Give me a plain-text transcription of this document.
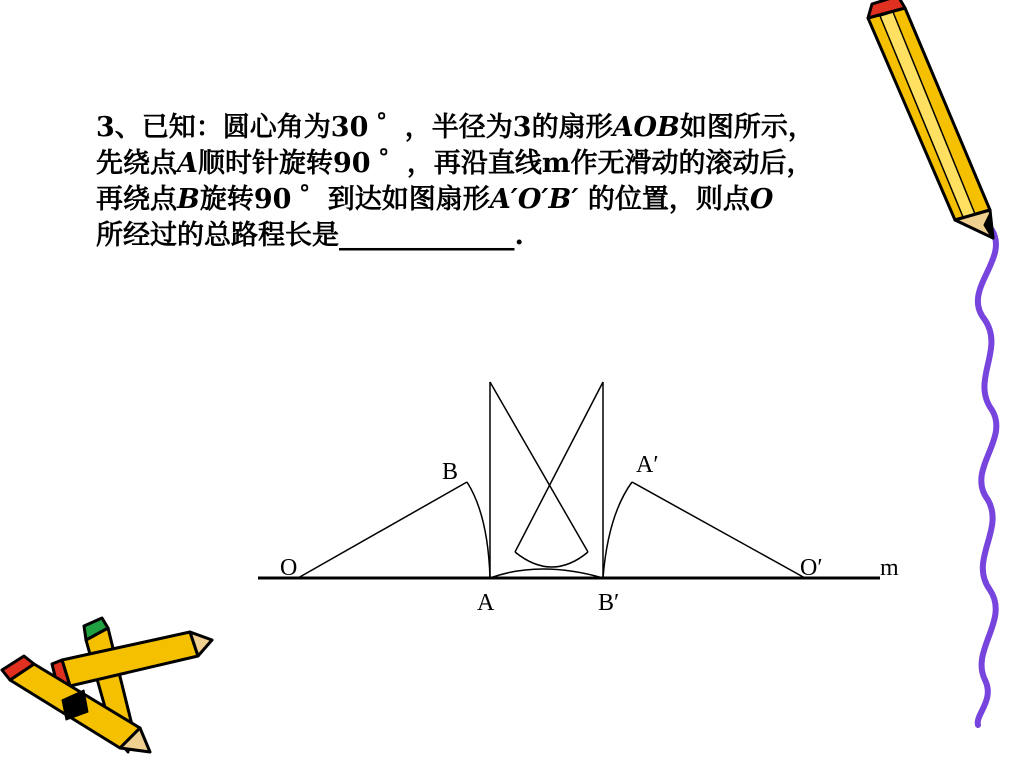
3、已知：圆心角为30 ゜，半径为3的扇形AOB如图所示，
先绕点A顺时针旋转90 ゜，再沿直线m作无滑动的滚动后，
再绕点B旋转90 ゜到达如图扇形A′O′B′ 的位置，则点O
所经过的总路程长是_____________.
O
B
A	B′
A′
O′ m
